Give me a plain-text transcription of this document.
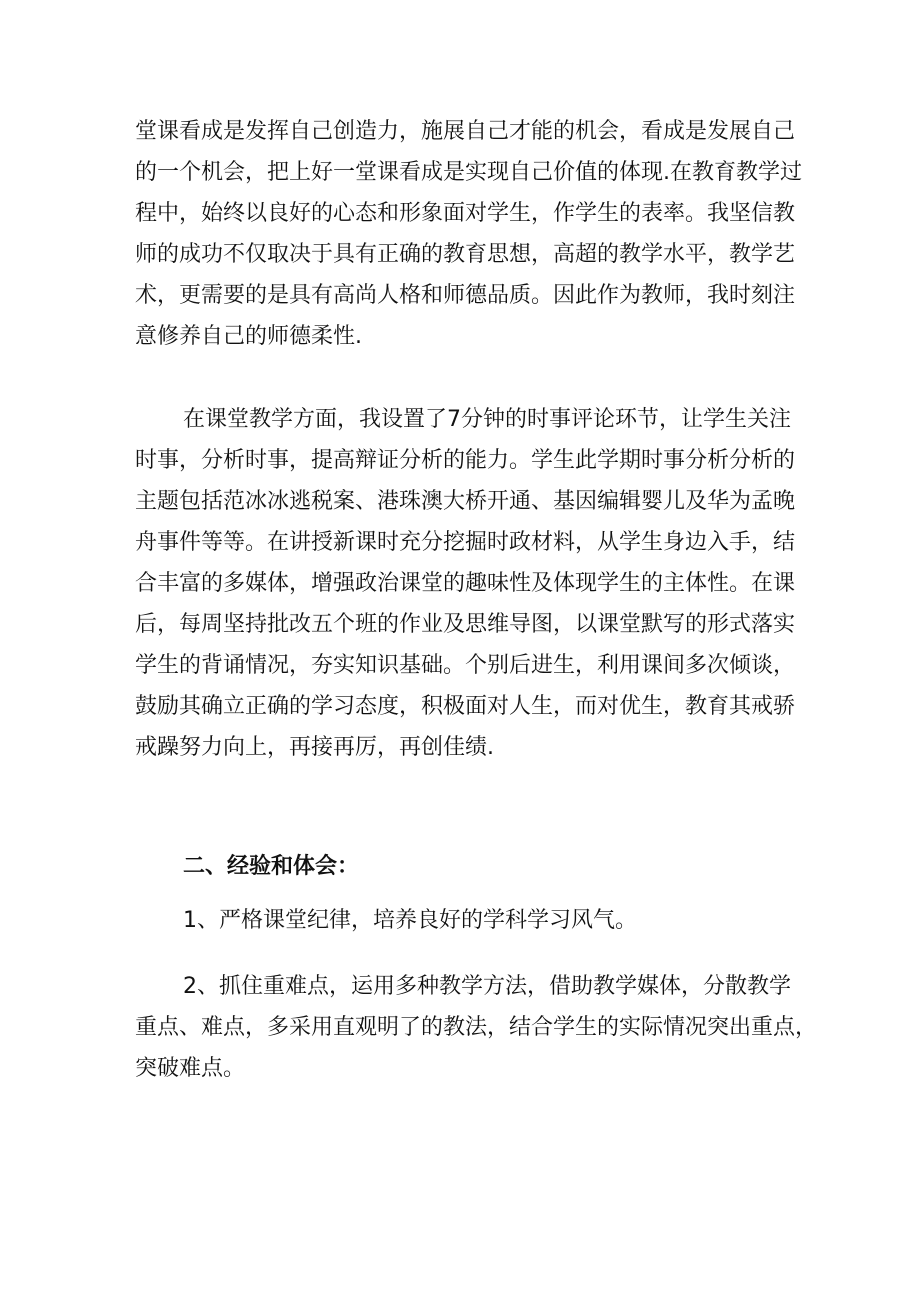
堂课看成是发挥自己创造力，施展自己才能的机会，看成是发展自己
的一个机会，把上好一堂课看成是实现自己价值的体现.在教育教学过
程中，始终以良好的心态和形象面对学生，作学生的表率。我坚信教
师的成功不仅取决于具有正确的教育思想，高超的教学水平，教学艺
术，更需要的是具有高尚人格和师德品质。因此作为教师，我时刻注
意修养自己的师德柔性.

在课堂教学方面，我设置了7分钟的时事评论环节，让学生关注
时事，分析时事，提高辩证分析的能力。学生此学期时事分析分析的
主题包括范冰冰逃税案、港珠澳大桥开通、基因编辑婴儿及华为孟晚
舟事件等等。在讲授新课时充分挖掘时政材料，从学生身边入手，结
合丰富的多媒体，增强政治课堂的趣味性及体现学生的主体性。在课
后，每周坚持批改五个班的作业及思维导图，以课堂默写的形式落实
学生的背诵情况，夯实知识基础。个别后进生，利用课间多次倾谈，
鼓励其确立正确的学习态度，积极面对人生，而对优生，教育其戒骄
戒躁努力向上，再接再厉，再创佳绩.

二、经验和体会：

1、严格课堂纪律，培养良好的学科学习风气。

2、抓住重难点，运用多种教学方法，借助教学媒体，分散教学
重点、难点，多采用直观明了的教法，结合学生的实际情况突出重点，
突破难点。
